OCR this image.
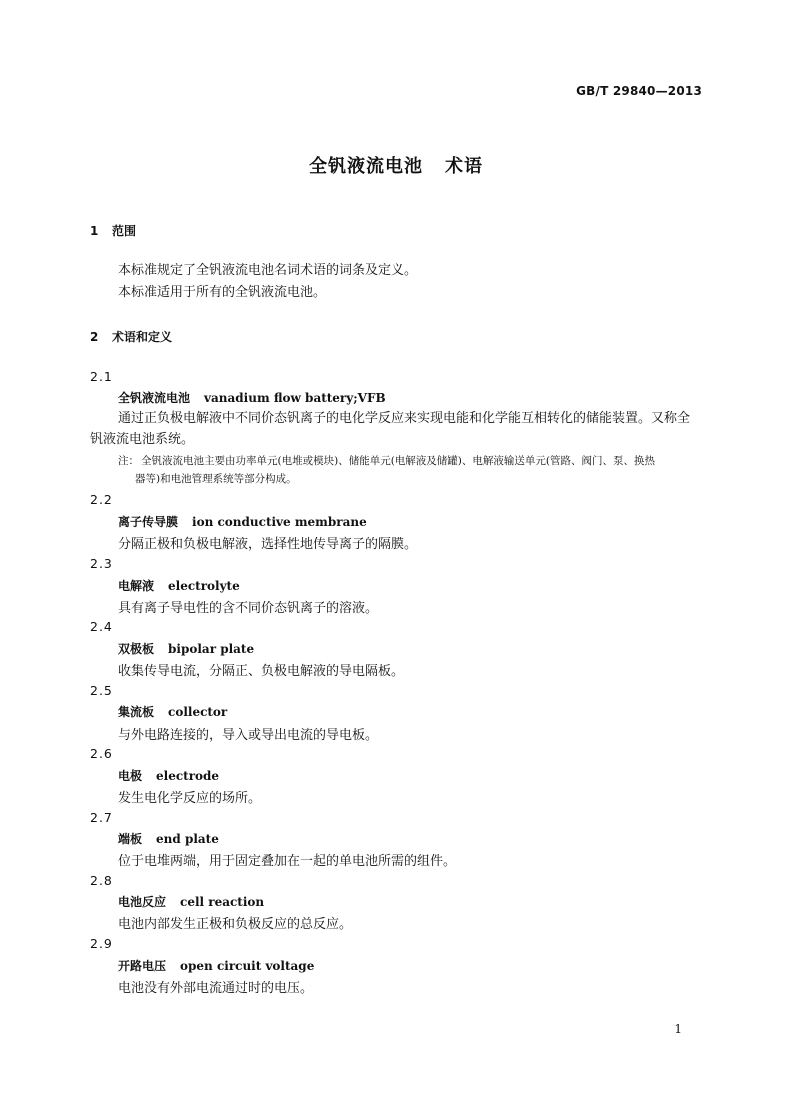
GB/T 29840—2013
全钒液流电池 术语
1 范围
本标准规定了全钒液流电池名词术语的词条及定义。
本标准适用于所有的全钒液流电池。
2 术语和定义
2.1
全钒液流电池 vanadium flow battery;VFB
通过正负极电解液中不同价态钒离子的电化学反应来实现电能和化学能互相转化的储能装置。又称全钒液流电池系统。
注： 全钒液流电池主要由功率单元(电堆或模块)、储能单元(电解液及储罐)、电解液输送单元(管路、阀门、泵、换热
器等)和电池管理系统等部分构成。
2.2
离子传导膜 ion conductive membrane
分隔正极和负极电解液，选择性地传导离子的隔膜。
2.3
电解液 electrolyte
具有离子导电性的含不同价态钒离子的溶液。
2.4
双极板 bipolar plate
收集传导电流，分隔正、负极电解液的导电隔板。
2.5
集流板 collector
与外电路连接的，导入或导出电流的导电板。
2.6
电极 electrode
发生电化学反应的场所。
2.7
端板 end plate
位于电堆两端，用于固定叠加在一起的单电池所需的组件。
2.8
电池反应 cell reaction
电池内部发生正极和负极反应的总反应。
2.9
开路电压 open circuit voltage
电池没有外部电流通过时的电压。
1
